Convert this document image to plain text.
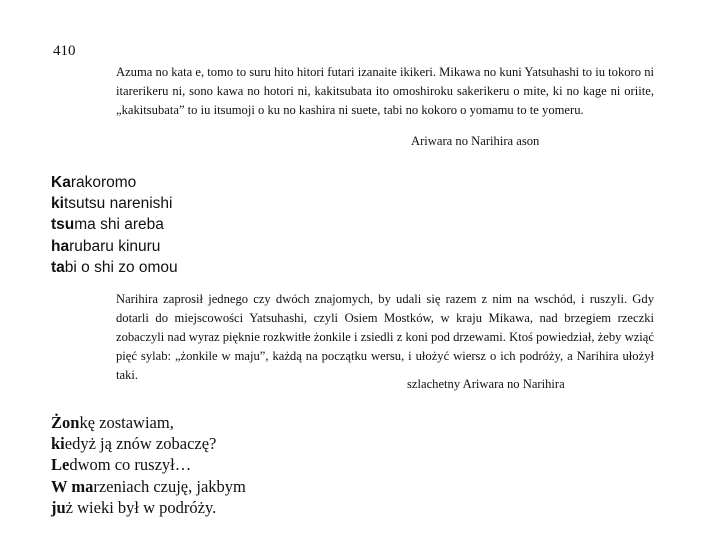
410

Azuma no kata e, tomo to suru hito hitori futari izanaite ikikeri. Mikawa no kuni Yatsuhashi to iu tokoro ni itarerikeru ni, sono kawa no hotori ni, kakitsubata ito omoshiroku sakerikeru o mite, ki no kage ni oriite, „kakitsubata” to iu itsumoji o ku no kashira ni suete, tabi no kokoro o yomamu to te yomeru.

Ariwara no Narihira ason
Karakoromo
kitsutsu narenishi
tsuma shi areba
harubaru kinuru
tabi o shi zo omou

Narihira zaprosił jednego czy dwóch znajomych, by udali się razem z nim na wschód, i ruszyli. Gdy dotarli do miejscowości Yatsuhashi, czyli Osiem Mostków, w kraju Mikawa, nad brzegiem rzeczki zobaczyli nad wyraz pięknie rozkwitłe żonkile i zsiedli z koni pod drzewami. Ktoś powiedział, żeby wziąć pięć sylab: „żonkile w maju”, każdą na początku wersu, i ułożyć wiersz o ich podróży, a Narihira ułożył taki.

szlachetny Ariwara no Narihira
Żonkę zostawiam,
kiedyż ją znów zobaczę?
Ledwom co ruszył…
W marzeniach czuję, jakbym
już wieki był w podróży.
